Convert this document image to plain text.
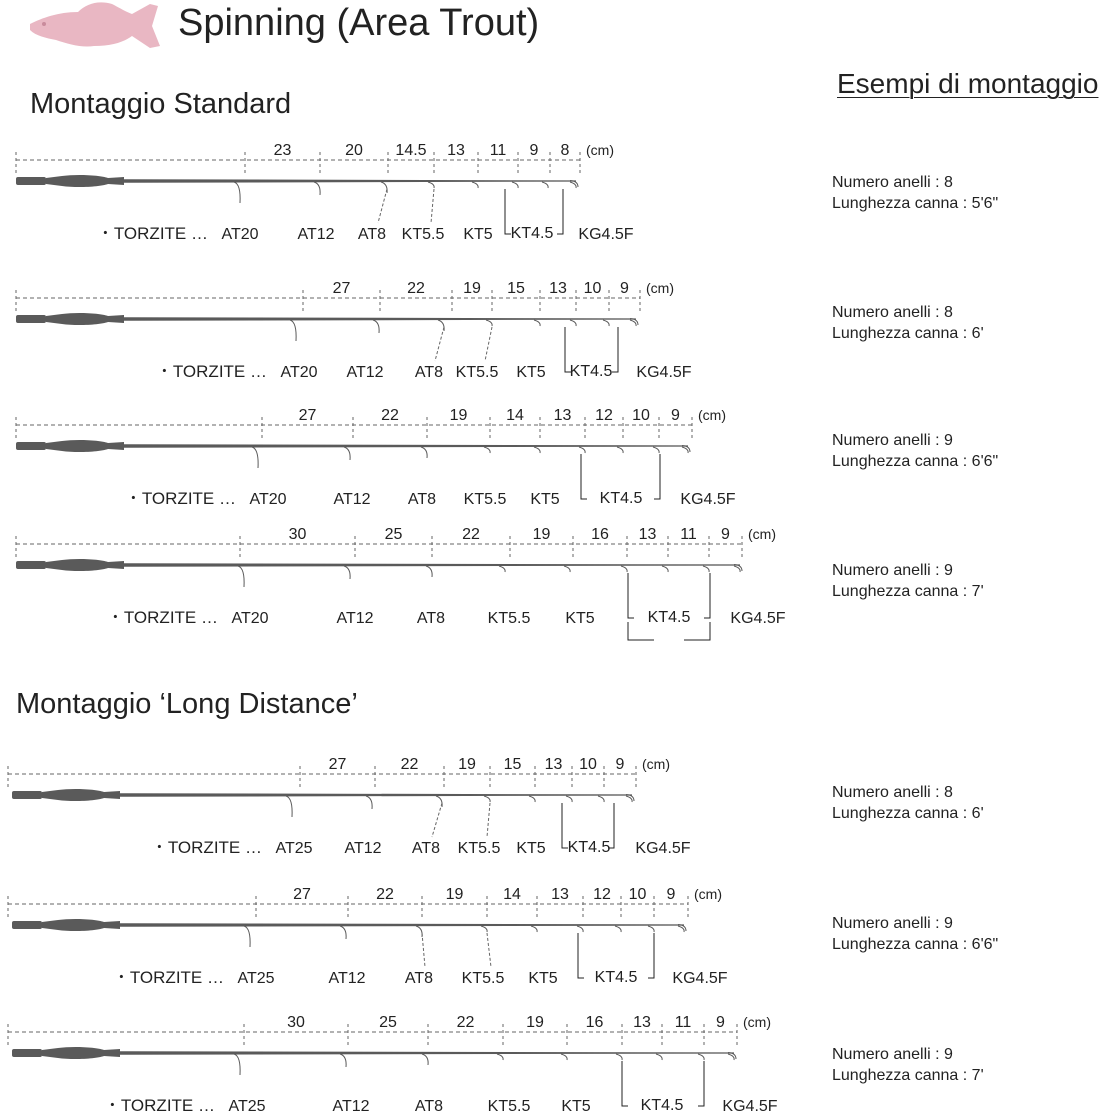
Spinning (Area Trout)
Esempi di montaggio
Montaggio Standard
Montaggio ‘Long Distance’
23	20 14.5 13 11 9 8 (cm)
・TORZITE … AT20 AT12 AT8 KT5.5 KT5 KT4.5 KG4.5F
Numero anelli : 8
Lunghezza canna : 5'6"
27	22 19 15 13 10 9 (cm)
・TORZITE … AT20 AT12 AT8 KT5.5 KT5 KT4.5 KG4.5F
Numero anelli : 8
Lunghezza canna : 6'
27	22	19 14 13 12 10 9 (cm)
・TORZITE … AT20	AT12 AT8 KT5.5 KT5 KT4.5 KG4.5F
Numero anelli : 9
Lunghezza canna : 6'6"
30	25	22	19	16 13 11 9 (cm)
・TORZITE … AT20	AT12	AT8	KT5.5 KT5	KT4.5	KG4.5F
Numero anelli : 9
Lunghezza canna : 7'
27	22 19 15 13 10 9 (cm)
・TORZITE … AT25 AT12 AT8 KT5.5 KT5 KT4.5 KG4.5F
Numero anelli : 8
Lunghezza canna : 6'
27	22	19 14 13 12 10 9 (cm)
・TORZITE … AT25	AT12 AT8 KT5.5 KT5 KT4.5 KG4.5F
Numero anelli : 9
Lunghezza canna : 6'6"
30	25	22	19	16 13 11 9 (cm)
・TORZITE … AT25	AT12	AT8	KT5.5 KT5	KT4.5 KG4.5F
Numero anelli : 9
Lunghezza canna : 7'
